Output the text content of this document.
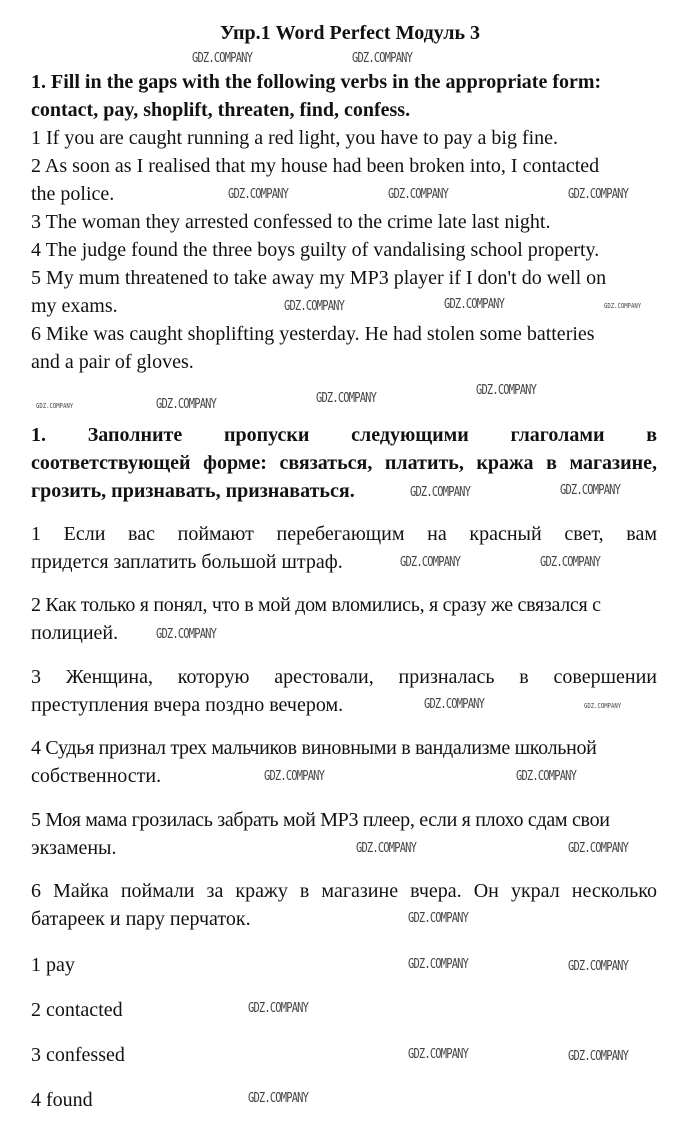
Упр.1 Word Perfect Модуль 3
1. Fill in the gaps with the following verbs in the appropriate form:
contact, pay, shoplift, threaten, find, confess.
1 If you are caught running a red light, you have to pay a big fine.
2 As soon as I realised that my house had been broken into, I contacted
the police.
3 The woman they arrested confessed to the crime late last night.
4 The judge found the three boys guilty of vandalising school property.
5 My mum threatened to take away my MP3 player if I don't do well on
my exams.
6 Mike was caught shoplifting yesterday. He had stolen some batteries
and a pair of gloves.
1. Заполните пропуски следующими глаголами в
соответствующей форме: связаться, платить, кража в магазине,
грозить, признавать, признаваться.
1 Если вас поймают перебегающим на красный свет, вам
придется заплатить большой штраф.
2 Как только я понял, что в мой дом вломились, я сразу же связался с
полицией.
3 Женщина, которую арестовали, призналась в совершении
преступления вчера поздно вечером.
4 Судья признал трех мальчиков виновными в вандализме школьной
собственности.
5 Моя мама грозилась забрать мой MP3 плеер, если я плохо сдам свои
экзамены.
6 Майка поймали за кражу в магазине вчера. Он украл несколько
батареек и пару перчаток.
1 pay
2 contacted
3 confessed
4 found
GDZ.COMPANY	GDZ.COMPANY
GDZ.COMPANY	GDZ.COMPANY	GDZ.COMPANY
GDZ.COMPANY	GDZ.COMPANY	GDZ.COMPANY
GDZ.COMPANY	GDZ.COMPANY	GDZ.COMPANY
GDZ.COMPANY
GDZ.COMPANY	GDZ.COMPANY
GDZ.COMPANY	GDZ.COMPANY
GDZ.COMPANY
GDZ.COMPANY	GDZ.COMPANY
GDZ.COMPANY	GDZ.COMPANY
GDZ.COMPANY	GDZ.COMPANY
GDZ.COMPANY
GDZ.COMPANY	GDZ.COMPANY
GDZ.COMPANY
GDZ.COMPANY	GDZ.COMPANY
GDZ.COMPANY
